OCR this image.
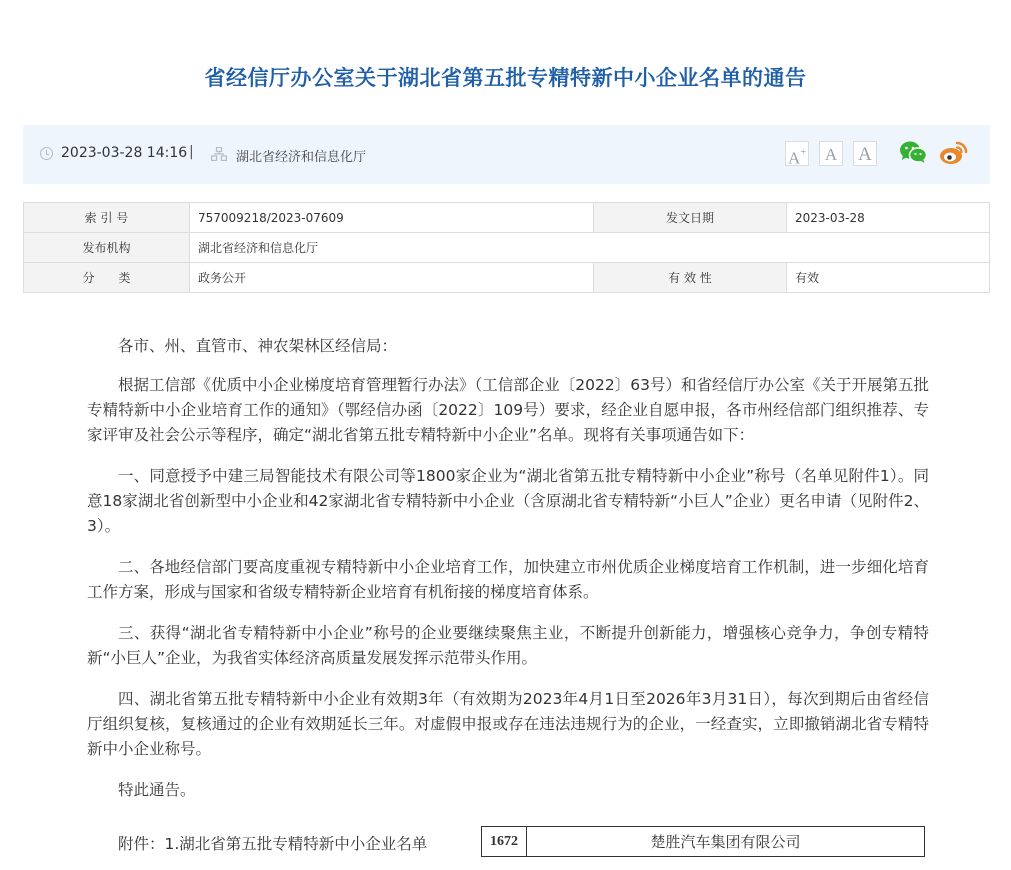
省经信厅办公室关于湖北省第五批专精特新中小企业名单的通告
2023-03-28 14:16 |	湖北省经济和信息化厅	A+	A	A
索 引 号	757009218/2023-07609	发文日期	2023-03-28
发布机构	湖北省经济和信息化厅		
分　　类	政务公开	有 效 性	有效

各市、州、直管市、神农架林区经信局：

根据工信部《优质中小企业梯度培育管理暂行办法》（工信部企业〔2022〕63号）和省经信厅办公室《关于开展第五批专精特新中小企业培育工作的通知》（鄂经信办函〔2022〕109号）要求，经企业自愿申报，各市州经信部门组织推荐、专家评审及社会公示等程序，确定“湖北省第五批专精特新中小企业”名单。现将有关事项通告如下：

一、同意授予中建三局智能技术有限公司等1800家企业为“湖北省第五批专精特新中小企业”称号（名单见附件1）。同意18家湖北省创新型中小企业和42家湖北省专精特新中小企业（含原湖北省专精特新“小巨人”企业）更名申请（见附件2、3）。

二、各地经信部门要高度重视专精特新中小企业培育工作，加快建立市州优质企业梯度培育工作机制，进一步细化培育工作方案，形成与国家和省级专精特新企业培育有机衔接的梯度培育体系。

三、获得“湖北省专精特新中小企业”称号的企业要继续聚焦主业，不断提升创新能力，增强核心竞争力，争创专精特新“小巨人”企业，为我省实体经济高质量发展发挥示范带头作用。

四、湖北省第五批专精特新中小企业有效期3年（有效期为2023年4月1日至2026年3月31日），每次到期后由省经信厅组织复核，复核通过的企业有效期延长三年。对虚假申报或存在违法违规行为的企业，一经查实，立即撤销湖北省专精特新中小企业称号。

特此通告。

附件：1.湖北省第五批专精特新中小企业名单	1672	楚胜汽车集团有限公司
